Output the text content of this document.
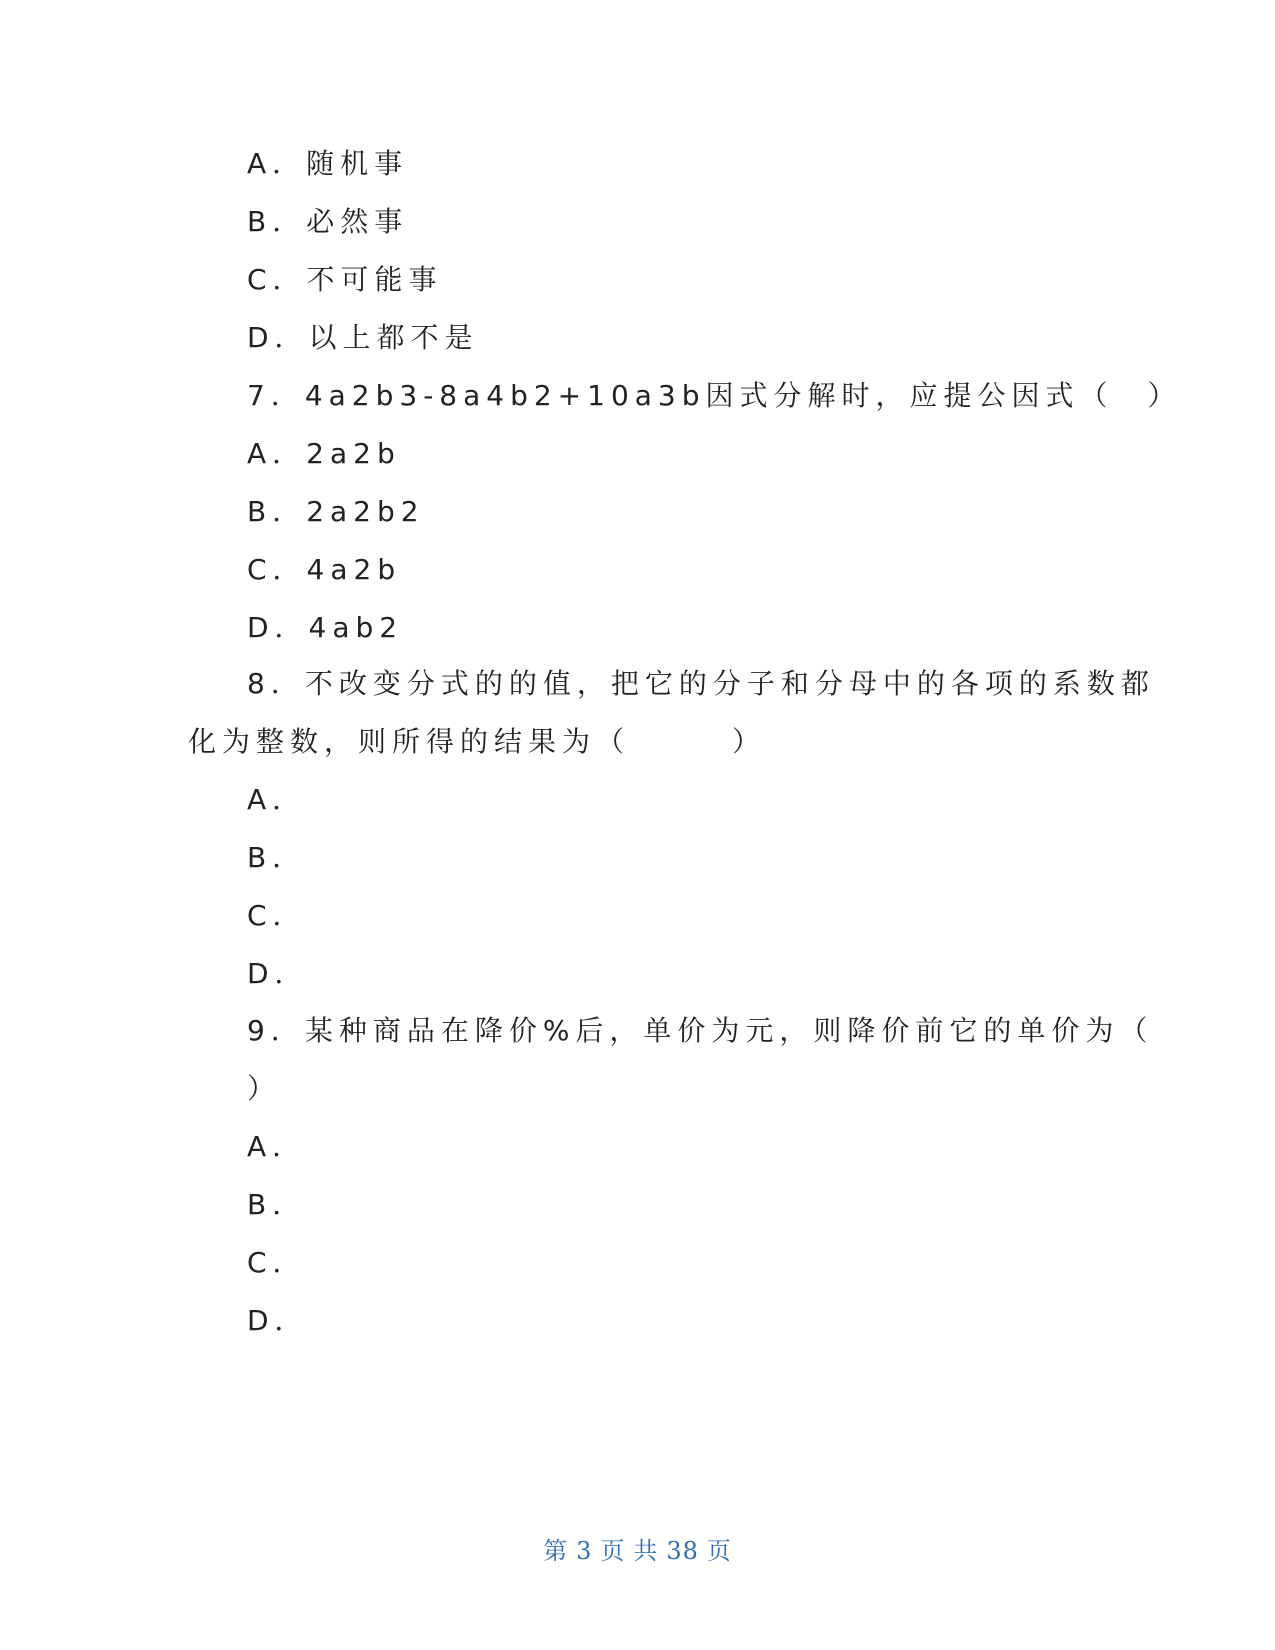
A．随机事
B．必然事
C．不可能事
D．以上都不是
7．4a2b3-8a4b2+10a3b因式分解时，应提公因式（　）
A．2a2b
B．2a2b2
C．4a2b
D．4ab2
8．不改变分式的的值，把它的分子和分母中的各项的系数都
化为整数，则所得的结果为（　　　）
A．
B．
C．
D．
9．某种商品在降价%后，单价为元，则降价前它的单价为（
）
A．
B．
C．
D．
第 3 页 共 38 页
